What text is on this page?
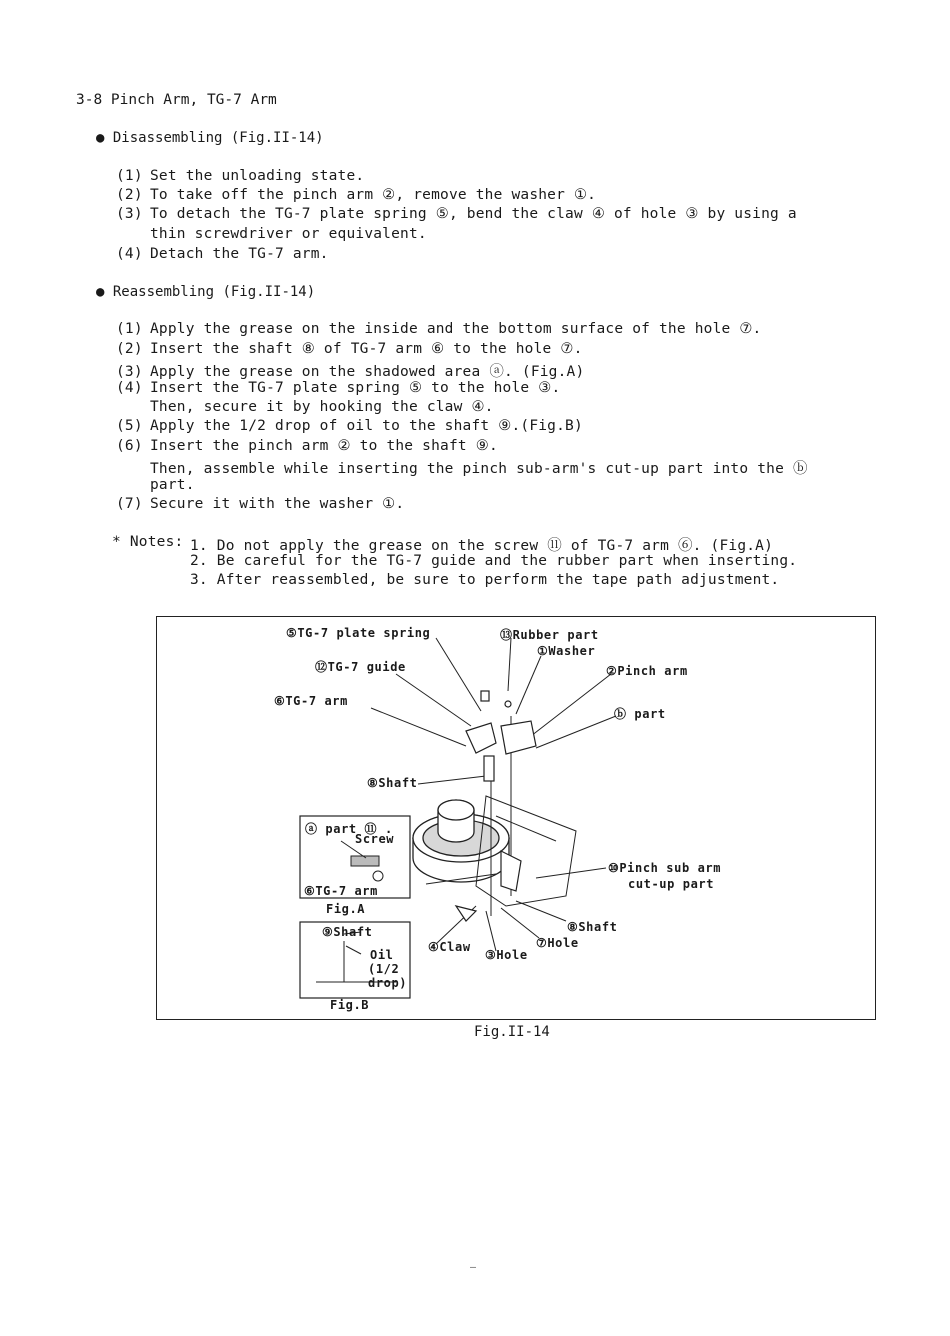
3-8 Pinch Arm, TG-7 Arm
● Disassembling (Fig.II-14)
(1) Set the unloading state.
(2) To take off the pinch arm ②, remove the washer ①.
(3) To detach the TG-7 plate spring ⑤, bend the claw ④ of hole ③ by using a
thin screwdriver or equivalent.
(4) Detach the TG-7 arm.
● Reassembling (Fig.II-14)
(1) Apply the grease on the inside and the bottom surface of the hole ⑦.
(2) Insert the shaft ⑧ of TG-7 arm ⑥ to the hole ⑦.
(3) Apply the grease on the shadowed area ⓐ. (Fig.A)
(4) Insert the TG-7 plate spring ⑤ to the hole ③.
Then, secure it by hooking the claw ④.
(5) Apply the 1/2 drop of oil to the shaft ⑨.(Fig.B)
(6) Insert the pinch arm ② to the shaft ⑨.
Then, assemble while inserting the pinch sub-arm's cut-up part into the ⓑ
part.
(7) Secure it with the washer ①.
* Notes: 1. Do not apply the grease on the screw ⑪ of TG-7 arm ⑥. (Fig.A)
2. Be careful for the TG-7 guide and the rubber part when inserting.
3. After reassembled, be sure to perform the tape path adjustment.
⑤TG-7 plate spring	⑬Rubber part
①Washer
⑫TG-7 guide	②Pinch arm
⑥TG-7 arm
ⓑ part
⑧Shaft
⑩Pinch sub arm
cut-up part
⑧Shaft
⑦Hole
④Claw
③Hole
ⓐ part ⑪ .
Screw
⑥TG-7 arm
Fig.A
⑨Shaft
Oil
(1/2
drop)
Fig.B
Fig.II-14
—
